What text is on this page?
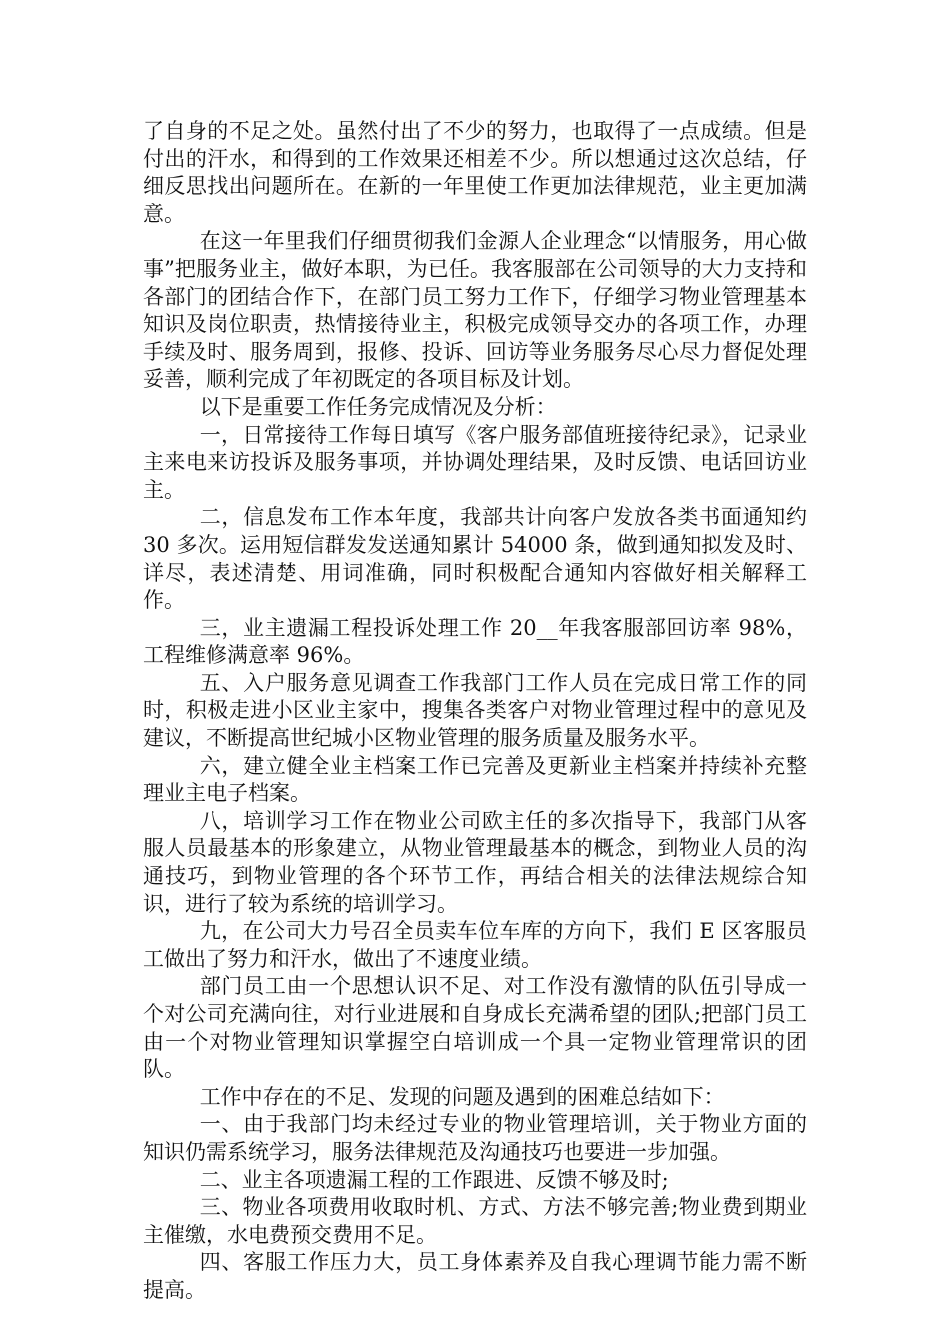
了自身的不足之处。虽然付出了不少的努力，也取得了一点成绩。但是付出的汗水，和得到的工作效果还相差不少。所以想通过这次总结，仔细反思找出问题所在。在新的一年里使工作更加法律规范，业主更加满意。

在这一年里我们仔细贯彻我们金源人企业理念“以情服务，用心做事”把服务业主，做好本职，为已任。我客服部在公司领导的大力支持和各部门的团结合作下，在部门员工努力工作下，仔细学习物业管理基本知识及岗位职责，热情接待业主，积极完成领导交办的各项工作，办理手续及时、服务周到，报修、投诉、回访等业务服务尽心尽力督促处理妥善，顺利完成了年初既定的各项目标及计划。

以下是重要工作任务完成情况及分析：

一，日常接待工作每日填写《客户服务部值班接待纪录》，记录业主来电来访投诉及服务事项，并协调处理结果，及时反馈、电话回访业主。

二，信息发布工作本年度，我部共计向客户发放各类书面通知约 30 多次。运用短信群发发送通知累计 54000 条，做到通知拟发及时、详尽，表述清楚、用词准确，同时积极配合通知内容做好相关解释工作。

三，业主遗漏工程投诉处理工作 20__年我客服部回访率 98%，工程维修满意率 96%。

五、入户服务意见调查工作我部门工作人员在完成日常工作的同时，积极走进小区业主家中，搜集各类客户对物业管理过程中的意见及建议，不断提高世纪城小区物业管理的服务质量及服务水平。

六，建立健全业主档案工作已完善及更新业主档案并持续补充整理业主电子档案。

八，培训学习工作在物业公司欧主任的多次指导下，我部门从客服人员最基本的形象建立，从物业管理最基本的概念，到物业人员的沟通技巧，到物业管理的各个环节工作，再结合相关的法律法规综合知识，进行了较为系统的培训学习。

九，在公司大力号召全员卖车位车库的方向下，我们 E 区客服员工做出了努力和汗水，做出了不速度业绩。

部门员工由一个思想认识不足、对工作没有激情的队伍引导成一个对公司充满向往，对行业进展和自身成长充满希望的团队;把部门员工由一个对物业管理知识掌握空白培训成一个具一定物业管理常识的团队。

工作中存在的不足、发现的问题及遇到的困难总结如下：

一、由于我部门均未经过专业的物业管理培训，关于物业方面的知识仍需系统学习，服务法律规范及沟通技巧也要进一步加强。

二、业主各项遗漏工程的工作跟进、反馈不够及时;

三、物业各项费用收取时机、方式、方法不够完善;物业费到期业主催缴，水电费预交费用不足。

四、客服工作压力大，员工身体素养及自我心理调节能力需不断提高。
